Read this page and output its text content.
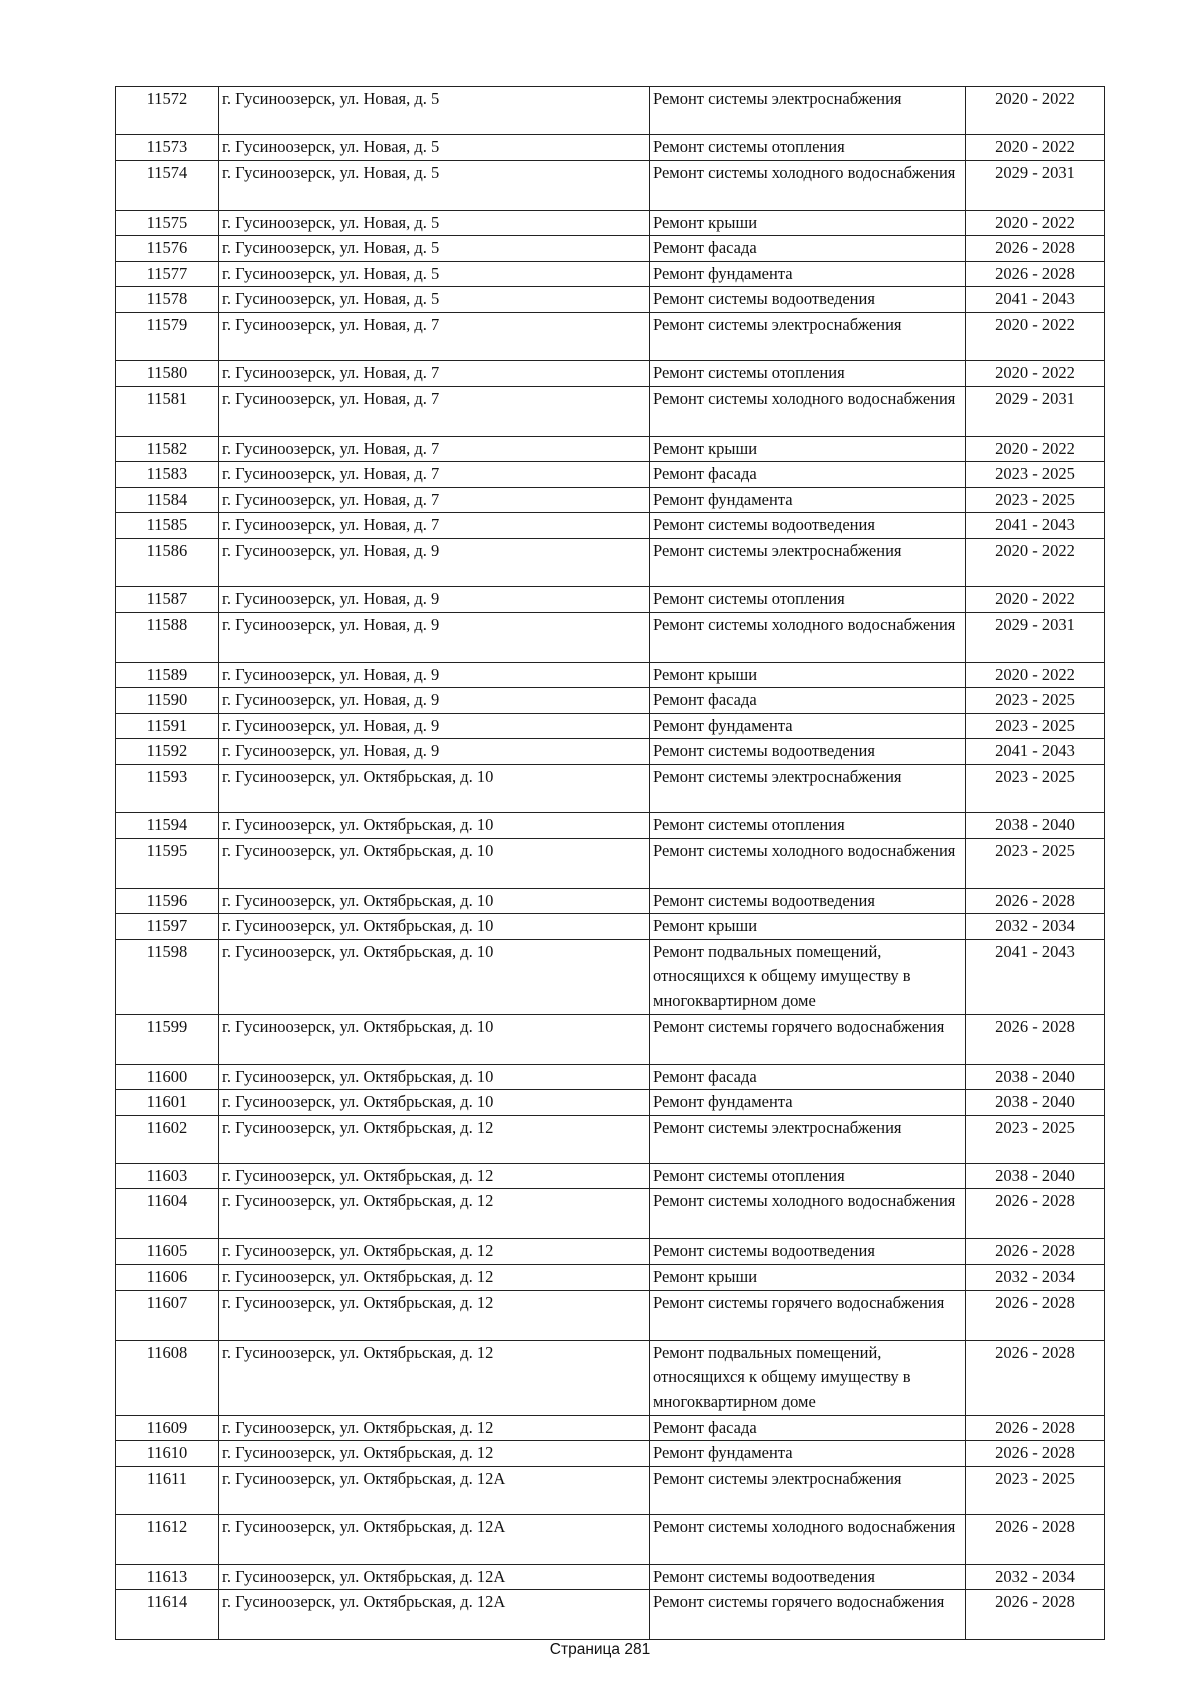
11572	г. Гусиноозерск, ул. Новая, д. 5	Ремонт системы электроснабжения	2020 - 2022
11573	г. Гусиноозерск, ул. Новая, д. 5	Ремонт системы отопления	2020 - 2022
11574	г. Гусиноозерск, ул. Новая, д. 5	Ремонт системы холодного водоснабжения	2029 - 2031
11575	г. Гусиноозерск, ул. Новая, д. 5	Ремонт крыши	2020 - 2022
11576	г. Гусиноозерск, ул. Новая, д. 5	Ремонт фасада	2026 - 2028
11577	г. Гусиноозерск, ул. Новая, д. 5	Ремонт фундамента	2026 - 2028
11578	г. Гусиноозерск, ул. Новая, д. 5	Ремонт системы водоотведения	2041 - 2043
11579	г. Гусиноозерск, ул. Новая, д. 7	Ремонт системы электроснабжения	2020 - 2022
11580	г. Гусиноозерск, ул. Новая, д. 7	Ремонт системы отопления	2020 - 2022
11581	г. Гусиноозерск, ул. Новая, д. 7	Ремонт системы холодного водоснабжения	2029 - 2031
11582	г. Гусиноозерск, ул. Новая, д. 7	Ремонт крыши	2020 - 2022
11583	г. Гусиноозерск, ул. Новая, д. 7	Ремонт фасада	2023 - 2025
11584	г. Гусиноозерск, ул. Новая, д. 7	Ремонт фундамента	2023 - 2025
11585	г. Гусиноозерск, ул. Новая, д. 7	Ремонт системы водоотведения	2041 - 2043
11586	г. Гусиноозерск, ул. Новая, д. 9	Ремонт системы электроснабжения	2020 - 2022
11587	г. Гусиноозерск, ул. Новая, д. 9	Ремонт системы отопления	2020 - 2022
11588	г. Гусиноозерск, ул. Новая, д. 9	Ремонт системы холодного водоснабжения	2029 - 2031
11589	г. Гусиноозерск, ул. Новая, д. 9	Ремонт крыши	2020 - 2022
11590	г. Гусиноозерск, ул. Новая, д. 9	Ремонт фасада	2023 - 2025
11591	г. Гусиноозерск, ул. Новая, д. 9	Ремонт фундамента	2023 - 2025
11592	г. Гусиноозерск, ул. Новая, д. 9	Ремонт системы водоотведения	2041 - 2043
11593	г. Гусиноозерск, ул. Октябрьская, д. 10	Ремонт системы электроснабжения	2023 - 2025
11594	г. Гусиноозерск, ул. Октябрьская, д. 10	Ремонт системы отопления	2038 - 2040
11595	г. Гусиноозерск, ул. Октябрьская, д. 10	Ремонт системы холодного водоснабжения	2023 - 2025
11596	г. Гусиноозерск, ул. Октябрьская, д. 10	Ремонт системы водоотведения	2026 - 2028
11597	г. Гусиноозерск, ул. Октябрьская, д. 10	Ремонт крыши	2032 - 2034
11598	г. Гусиноозерск, ул. Октябрьская, д. 10	Ремонт подвальных помещений, относящихся к общему имуществу в многоквартирном доме	2041 - 2043
11599	г. Гусиноозерск, ул. Октябрьская, д. 10	Ремонт системы горячего водоснабжения	2026 - 2028
11600	г. Гусиноозерск, ул. Октябрьская, д. 10	Ремонт фасада	2038 - 2040
11601	г. Гусиноозерск, ул. Октябрьская, д. 10	Ремонт фундамента	2038 - 2040
11602	г. Гусиноозерск, ул. Октябрьская, д. 12	Ремонт системы электроснабжения	2023 - 2025
11603	г. Гусиноозерск, ул. Октябрьская, д. 12	Ремонт системы отопления	2038 - 2040
11604	г. Гусиноозерск, ул. Октябрьская, д. 12	Ремонт системы холодного водоснабжения	2026 - 2028
11605	г. Гусиноозерск, ул. Октябрьская, д. 12	Ремонт системы водоотведения	2026 - 2028
11606	г. Гусиноозерск, ул. Октябрьская, д. 12	Ремонт крыши	2032 - 2034
11607	г. Гусиноозерск, ул. Октябрьская, д. 12	Ремонт системы горячего водоснабжения	2026 - 2028
11608	г. Гусиноозерск, ул. Октябрьская, д. 12	Ремонт подвальных помещений, относящихся к общему имуществу в многоквартирном доме	2026 - 2028
11609	г. Гусиноозерск, ул. Октябрьская, д. 12	Ремонт фасада	2026 - 2028
11610	г. Гусиноозерск, ул. Октябрьская, д. 12	Ремонт фундамента	2026 - 2028
11611	г. Гусиноозерск, ул. Октябрьская, д. 12А	Ремонт системы электроснабжения	2023 - 2025
11612	г. Гусиноозерск, ул. Октябрьская, д. 12А	Ремонт системы холодного водоснабжения	2026 - 2028
11613	г. Гусиноозерск, ул. Октябрьская, д. 12А	Ремонт системы водоотведения	2032 - 2034
11614	г. Гусиноозерск, ул. Октябрьская, д. 12А	Ремонт системы горячего водоснабжения	2026 - 2028
Страница 281
